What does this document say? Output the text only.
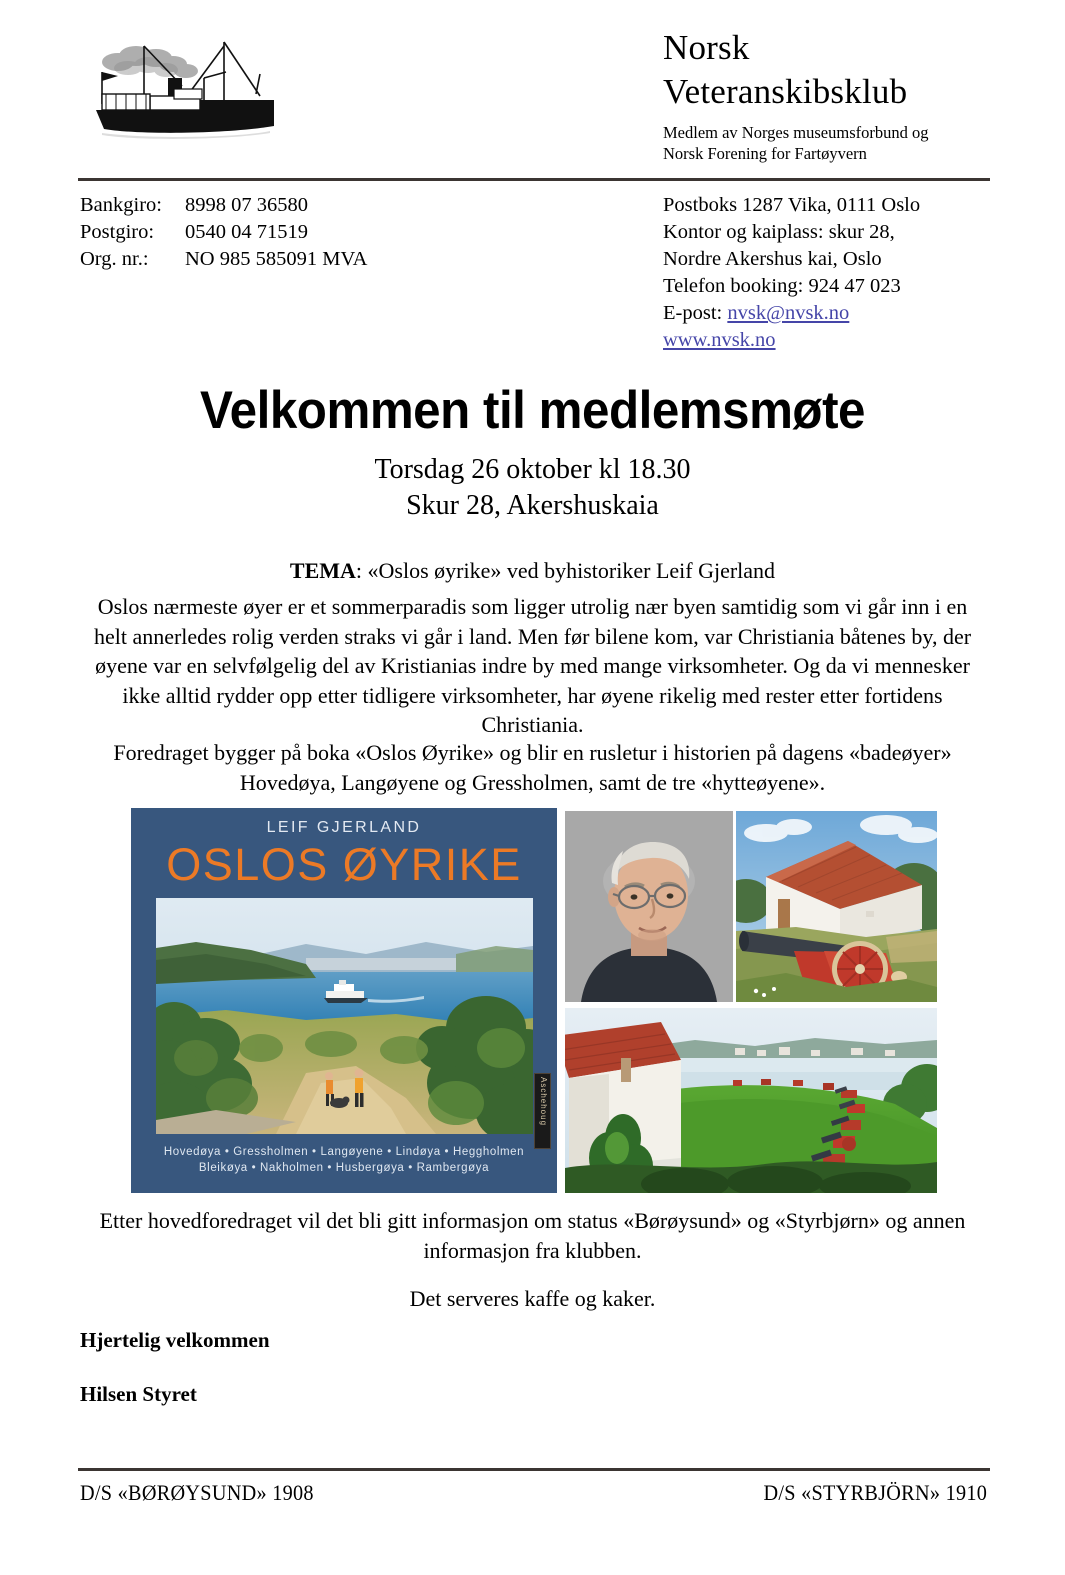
Norsk
Veteranskibsklub
Medlem av Norges museumsforbund og
Norsk Forening for Fartøyvern
Bankgiro:	8998 07 36580
Postgiro:	0540 04 71519
Org. nr.:	NO 985 585091 MVA
Postboks 1287 Vika, 0111 Oslo
Kontor og kaiplass: skur 28,
Nordre Akershus kai, Oslo
Telefon booking: 924 47 023
E-post: nvsk@nvsk.no
www.nvsk.no
Velkommen til medlemsmøte
Torsdag 26 oktober kl 18.30
Skur 28, Akershuskaia
TEMA: «Oslos øyrike» ved byhistoriker Leif Gjerland
Oslos nærmeste øyer er et sommerparadis som ligger utrolig nær byen samtidig som vi går inn i en helt annerledes rolig verden straks vi går i land. Men før bilene kom, var Christiania båtenes by, der øyene var en selvfølgelig del av Kristianias indre by med mange virksomheter. Og da vi mennesker ikke alltid rydder opp etter tidligere virksomheter, har øyene rikelig med rester etter fortidens Christiania.
Foredraget bygger på boka «Oslos Øyrike» og blir en rusletur i historien på dagens «badeøyer» Hovedøya, Langøyene og Gressholmen, samt de tre «hytteøyene».
LEIF GJERLAND
OSLOS ØYRIKE
Hovedøya • Gressholmen • Langøyene • Lindøya • Heggholmen
Bleikøya • Nakholmen • Husbergøya • Rambergøya
Aschehoug
Etter hovedforedraget vil det bli gitt informasjon om status «Børøysund» og «Styrbjørn» og annen informasjon fra klubben.
Det serveres kaffe og kaker.
Hjertelig velkommen
Hilsen Styret
D/S «BØRØYSUND» 1908	D/S «STYRBJÖRN» 1910
